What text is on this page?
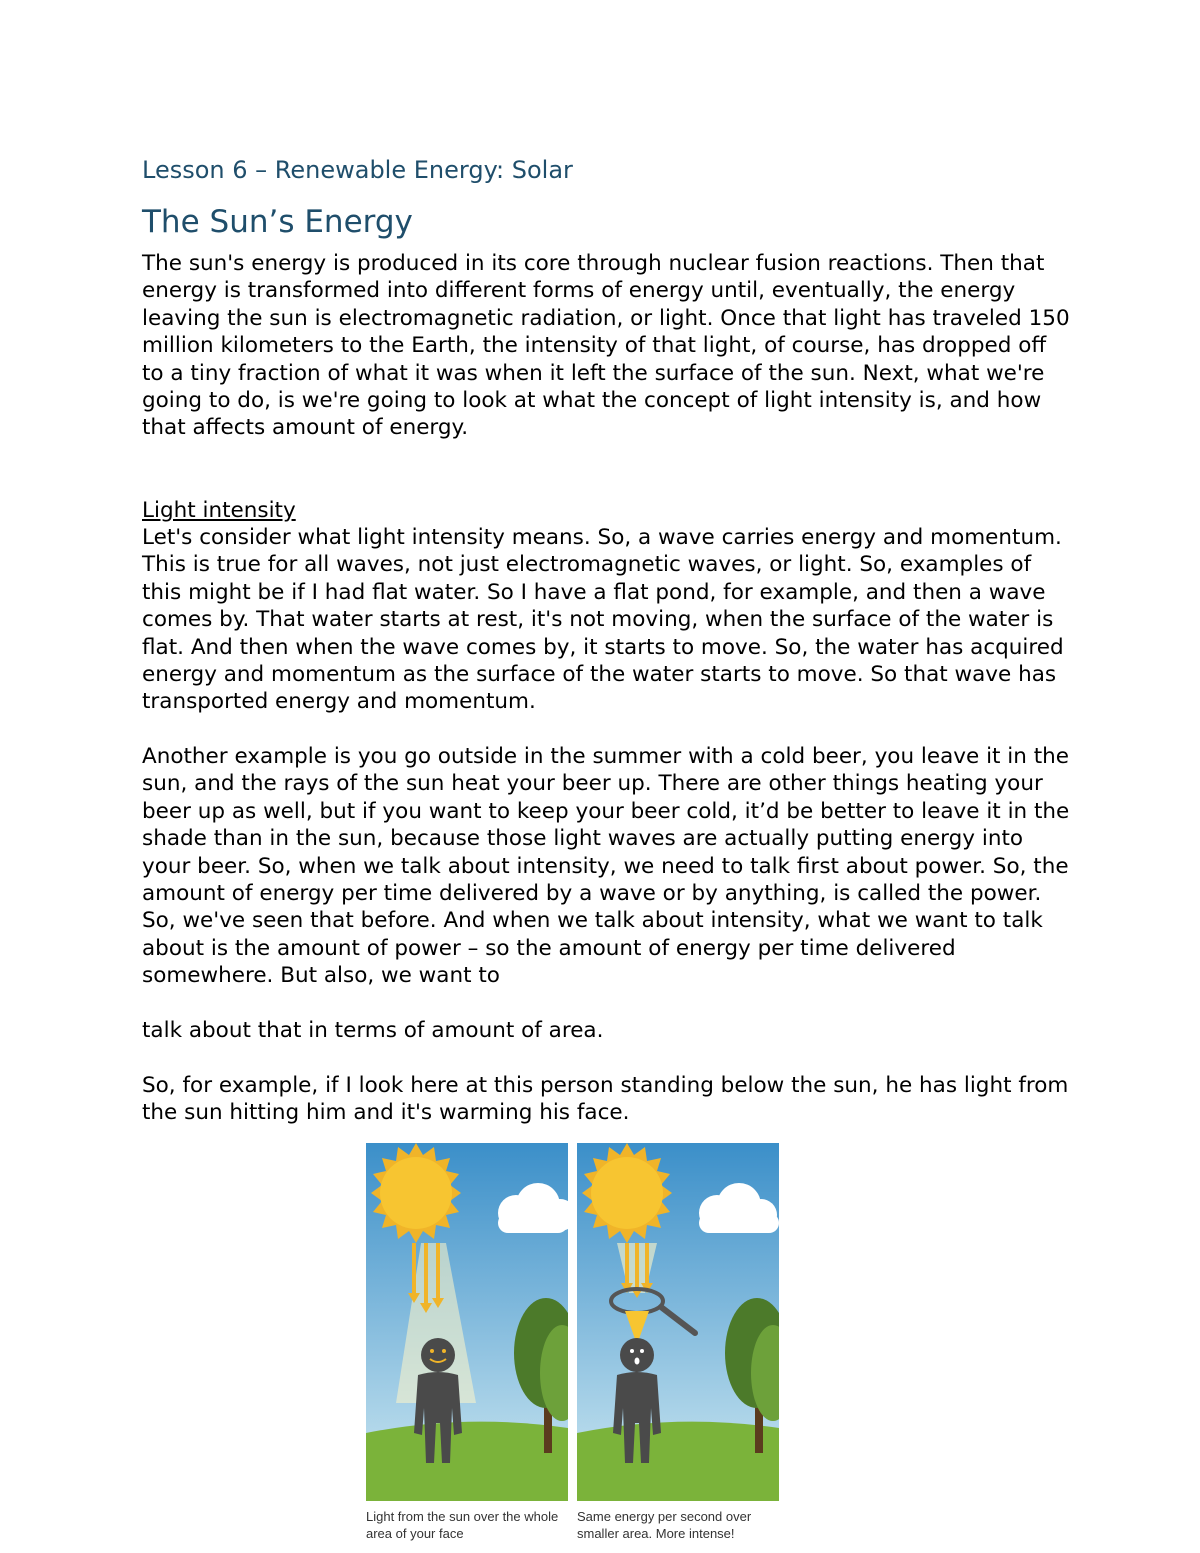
Lesson 6 – Renewable Energy: Solar
The Sun’s Energy

The sun's energy is produced in its core through nuclear fusion reactions. Then that energy is transformed into different forms of energy until, eventually, the energy leaving the sun is electromagnetic radiation, or light. Once that light has traveled 150 million kilometers to the Earth, the intensity of that light, of course, has dropped off to a tiny fraction of what it was when it left the surface of the sun. Next, what we're going to do, is we're going to look at what the concept of light intensity is, and how that affects amount of energy.

Light intensity

Let's consider what light intensity means. So, a wave carries energy and momentum. This is true for all waves, not just electromagnetic waves, or light. So, examples of this might be if I had flat water. So I have a flat pond, for example, and then a wave comes by. That water starts at rest, it's not moving, when the surface of the water is flat. And then when the wave comes by, it starts to move. So, the water has acquired energy and momentum as the surface of the water starts to move. So that wave has transported energy and momentum.

Another example is you go outside in the summer with a cold beer, you leave it in the sun, and the rays of the sun heat your beer up. There are other things heating your beer up as well, but if you want to keep your beer cold, it’d be better to leave it in the shade than in the sun, because those light waves are actually putting energy into your beer. So, when we talk about intensity, we need to talk first about power. So, the amount of energy per time delivered by a wave or by anything, is called the power. So, we've seen that before. And when we talk about intensity, what we want to talk about is the amount of power – so the amount of energy per time delivered somewhere. But also, we want to

talk about that in terms of amount of area.

So, for example, if I look here at this person standing below the sun, he has light from the sun hitting him and it's warming his face.

Light from the sun over the whole area of your face
Same energy per second over smaller area. More intense!
